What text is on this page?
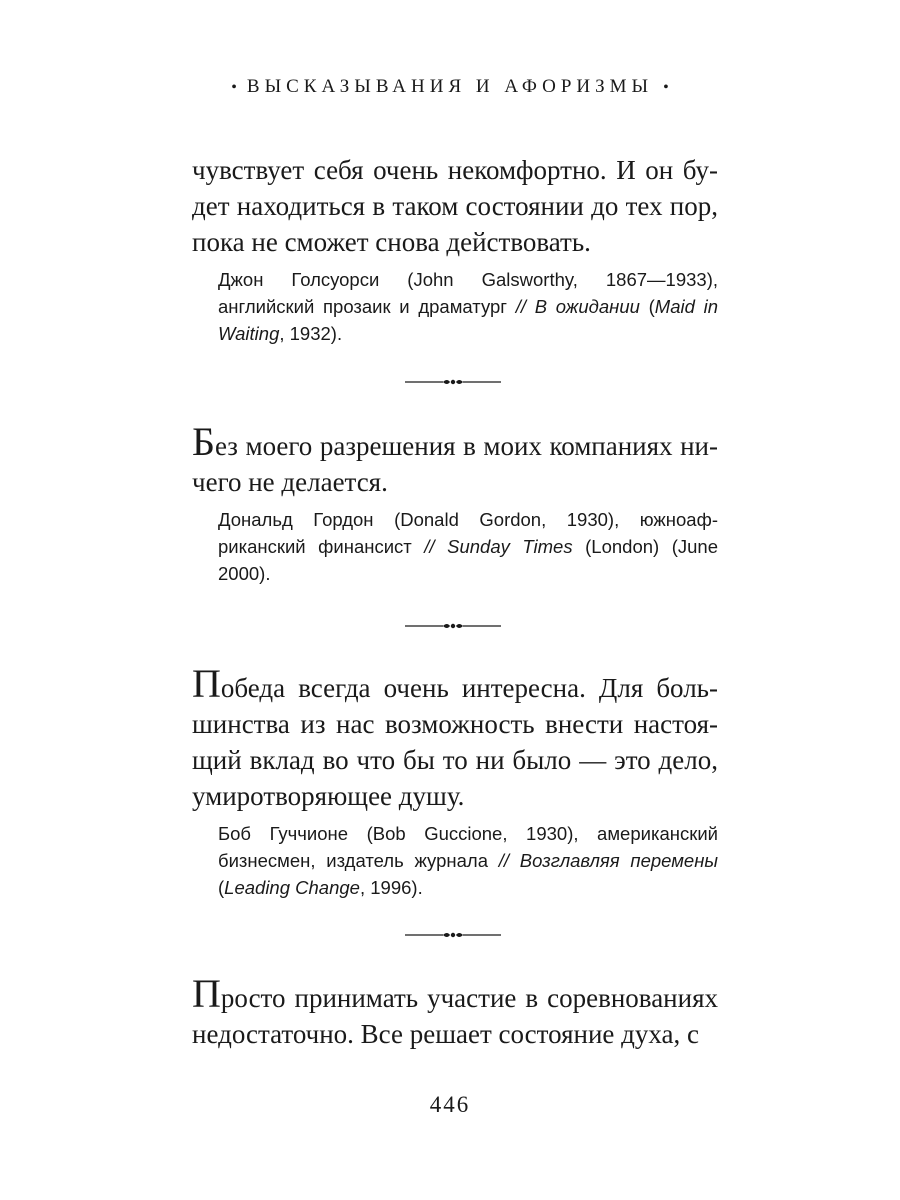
• ВЫСКАЗЫВАНИЯ И АФОРИЗМЫ •

чувствует себя очень некомфортно. И он будет находиться в таком состоянии до тех пор, пока не сможет снова действовать.

Джон Голсуорси (John Galsworthy, 1867—1933), английский прозаик и драматург // В ожидании (Maid in Waiting, 1932).

Без моего разрешения в моих компаниях ничего не делается.

Дональд Гордон (Donald Gordon, 1930), южноафриканский финансист // Sunday Times (London) (June 2000).

Победа всегда очень интересна. Для большинства из нас возможность внести настоящий вклад во что бы то ни было — это дело, умиротворяющее душу.

Боб Гуччионе (Bob Guccione, 1930), американский бизнесмен, издатель журнала // Возглавляя перемены (Leading Change, 1996).

Просто принимать участие в соревнованиях недостаточно. Все решает состояние духа, с

446
